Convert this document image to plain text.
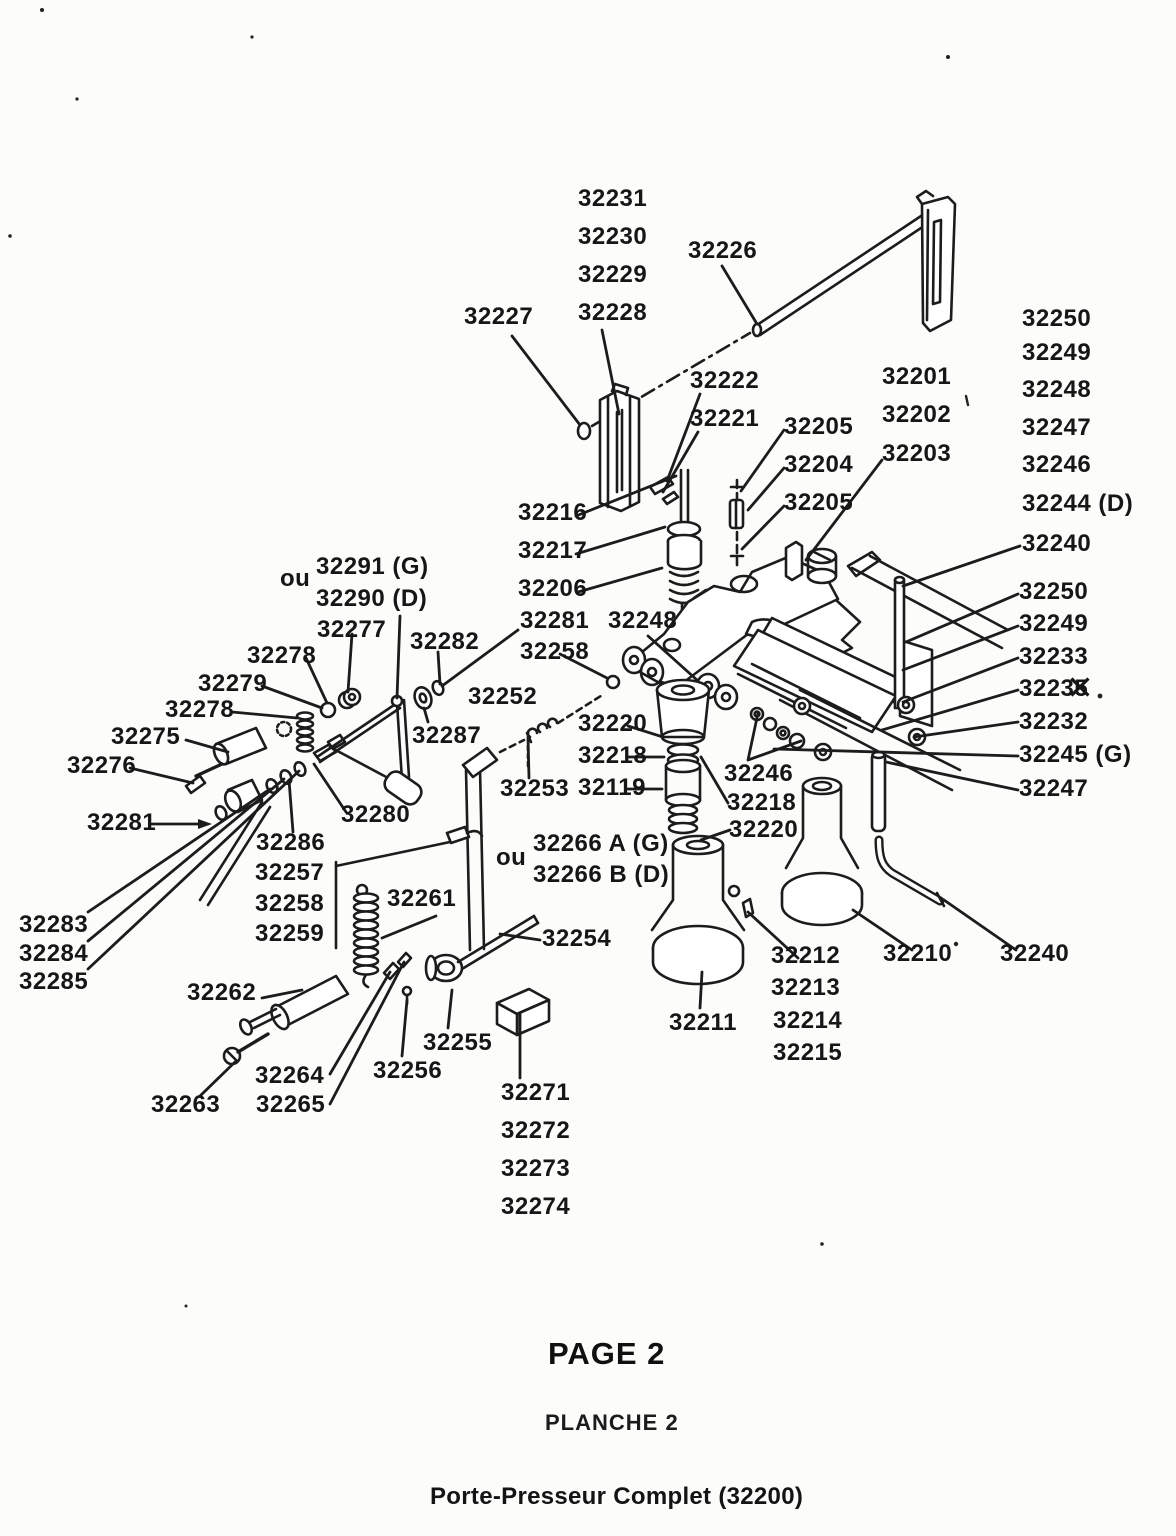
32231
32230
32229
32228
32227
32226
32222
32221 32205
32204
32205
32201
32202
32203
32250
32249
32248
32247
32246
32244 (D)
32240
32250
32249
32233
32235 ✕
32232
32245 (G)
32247
32216
32217
32206
ou 32291 (G)
32290 (D)
32277
32278
32279
32282
32281
32258
32248
32252
32287
32278
32275
32276
32253
32220
32218
32119
32246
32218
32220
32281	32280
32286
32257
32258
32259
32283
32284
32285
ou
32266 A (G)
32266 B (D)
32261
32254
32262
32263
32264
32265
32255
32256
32271
32272
32273
32274
32211
32212
32213
32214
32215
32210 32240
PAGE 2
PLANCHE 2
Porte-Presseur Complet (32200)
